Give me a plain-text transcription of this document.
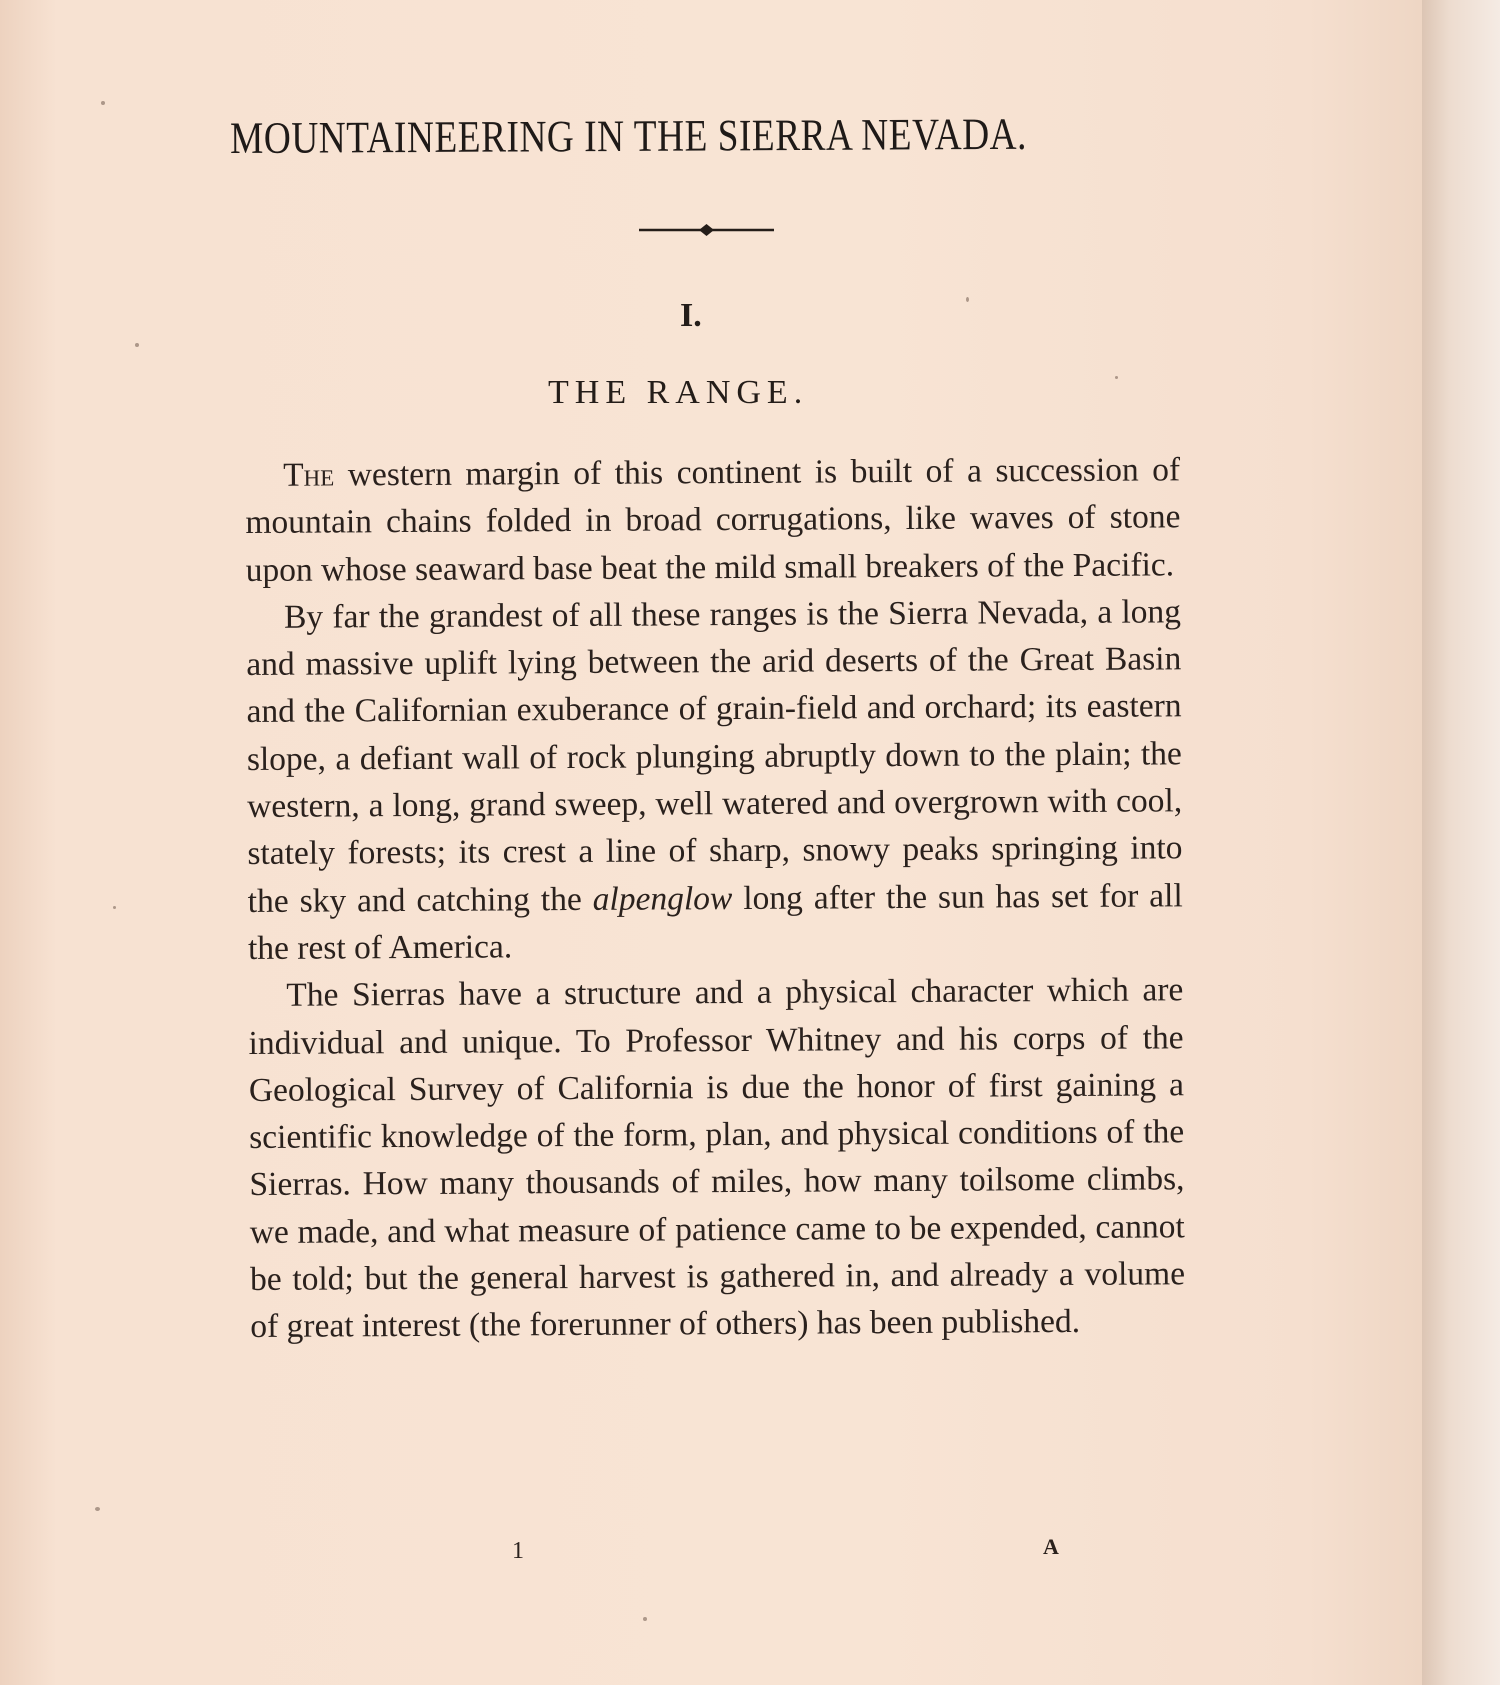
MOUNTAINEERING IN THE SIERRA NEVADA.
I.
THE RANGE.

The western margin of this continent is built of a succession of mountain chains folded in broad corrugations, like waves of stone upon whose seaward base beat the mild small breakers of the Pacific.

By far the grandest of all these ranges is the Sierra Nevada, a long and massive uplift lying between the arid deserts of the Great Basin and the Californian exuberance of grain-field and orchard; its eastern slope, a defiant wall of rock plunging abruptly down to the plain; the western, a long, grand sweep, well watered and overgrown with cool, stately forests; its crest a line of sharp, snowy peaks springing into the sky and catching the alpenglow long after the sun has set for all the rest of America.

The Sierras have a structure and a physical character which are individual and unique. To Professor Whitney and his corps of the Geological Survey of California is due the honor of first gaining a scientific knowledge of the form, plan, and physical conditions of the Sierras. How many thousands of miles, how many toilsome climbs, we made, and what measure of patience came to be expended, cannot be told; but the general harvest is gathered in, and already a volume of great interest (the forerunner of others) has been published.

1	A
